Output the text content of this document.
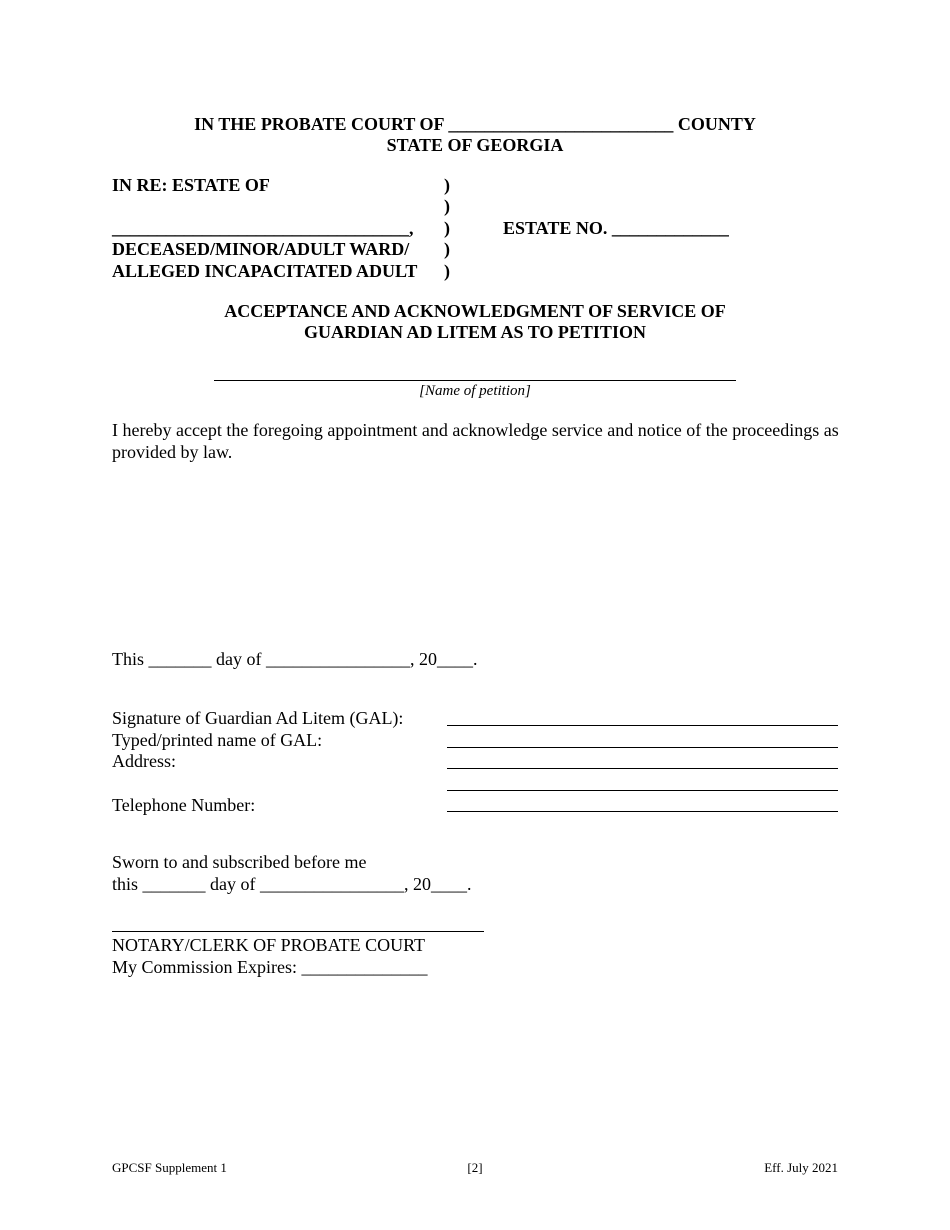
IN THE PROBATE COURT OF _________________________ COUNTY
STATE OF GEORGIA
IN RE: ESTATE OF
_________________________________,
DECEASED/MINOR/ADULT WARD/
ALLEGED INCAPACITATED ADULT
)
)
)
)
)
ESTATE NO. _____________
ACCEPTANCE AND ACKNOWLEDGMENT OF SERVICE OF
GUARDIAN AD LITEM AS TO PETITION
[Name of petition]
I hereby accept the foregoing appointment and acknowledge service and notice of the proceedings as provided by law.
This _______ day of ________________, 20____.
Signature of Guardian Ad Litem (GAL):
Typed/printed name of GAL:
Address:
Telephone Number:
Sworn to and subscribed before me
this _______ day of ________________, 20____.
NOTARY/CLERK OF PROBATE COURT
My Commission Expires: ______________
GPCSF Supplement 1	[2]	Eff. July 2021
